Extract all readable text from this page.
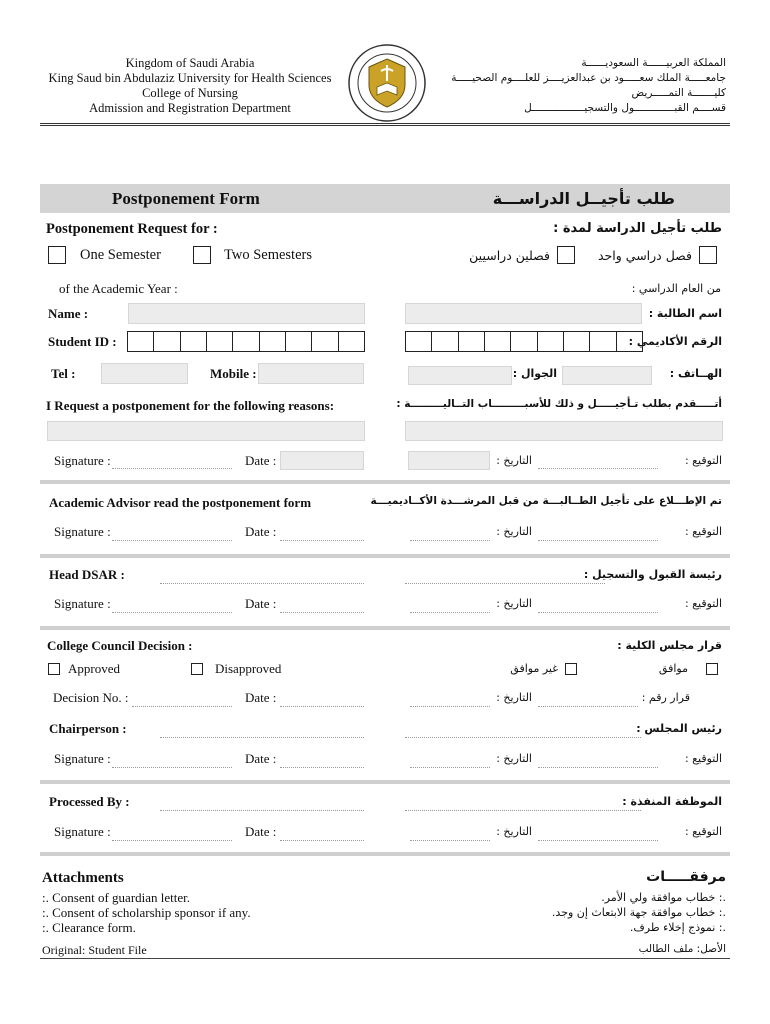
Kingdom of Saudi Arabia
King Saud bin Abdulaziz University for Health Sciences
College of Nursing
Admission and Registration Department
المملكة العربيــــــة السعوديــــــة
جامعـــــة الملك سعـــــود بن عبدالعزيــــز للعلــــوم الصحيـــــة
كليـــــــة التمـــــريض
قســــم القبـــــــــــــول والتسجيـــــــــــــــــل
Postponement Form	طلب تأجيــل الدراســـة
Postponement Request for :	طلب تأجيل الدراسة لمدة :
One Semester	Two Semesters	فصلين دراسيين	فصل دراسي واحد
of the Academic Year :	من العام الدراسي :
Name :	اسم الطالبة :
Student ID :	الرقم الأكاديمي :
Tel :	Mobile :	الجوال :	الهــاتف :
I Request a postponement for the following reasons:	أتـــــقدم بطلب تـأجيـــــل و ذلك للأسبـــــــــاب التــاليـــــــــة :
Signature :	Date :	التاريخ :	التوقيع :
Academic Advisor read the postponement form	تم الإطـــلاع على تأجيل الطــالبـــة من قبل المرشـــدة الأكــاديميـــة
Signature :	Date :	التاريخ :	التوقيع :
Head DSAR :	رئيسة القبول والتسجيل :
Signature :	Date :	التاريخ :	التوقيع :
College Council Decision :	قرار مجلس الكلية :
Approved	Disapproved	غير موافق	موافق
Decision No. :	Date :	التاريخ :	قرار رقم :
Chairperson :	رئيس المجلس :
Signature :	Date :	التاريخ :	التوقيع :
Processed By :	الموظفة المنفذة :
Signature :	Date :	التاريخ :	التوقيع :
Attachments	مرفقـــــات
:. Consent of guardian letter.
:. Consent of scholarship sponsor if any.
:. Clearance form.
.: خطاب موافقة ولي الأمر.
.: خطاب موافقة جهة الابتعاث إن وجد.
.: نموذج إخلاء طرف.
Original: Student File	الأصل: ملف الطالب
